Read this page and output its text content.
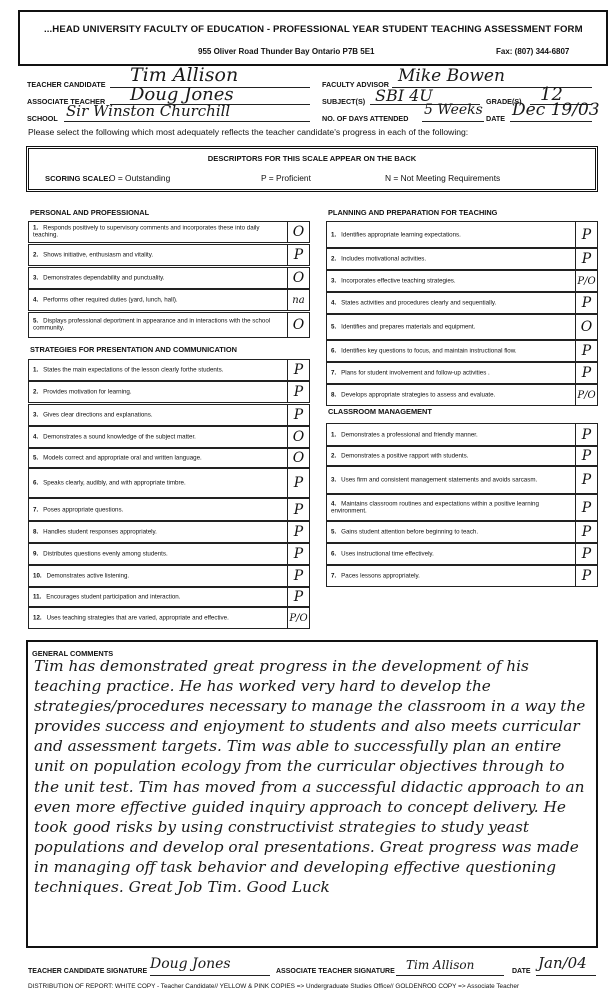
...HEAD UNIVERSITY FACULTY OF EDUCATION - PROFESSIONAL YEAR STUDENT TEACHING ASSESSMENT FORM
955 Oliver Road Thunder Bay Ontario P7B 5E1	Fax: (807) 344-6807
TEACHER CANDIDATE Tim Allison	FACULTY ADVISOR Mike Bowen
ASSOCIATE TEACHER Doug Jones	SUBJECT(S) SBI 4U	GRADE(S) 12
SCHOOL Sir Winston Churchill	NO. OF DAYS ATTENDED
5 Weeks
DATE Dec 19/03
Please select the following which most adequately reflects the teacher candidate's progress in each of the following:
DESCRIPTORS FOR THIS SCALE APPEAR ON THE BACK
SCORING SCALE:
O = Outstanding	P = Proficient	N = Not Meeting Requirements
PERSONAL AND PROFESSIONAL
STRATEGIES FOR PRESENTATION AND COMMUNICATION
PLANNING AND PREPARATION FOR TEACHING
CLASSROOM MANAGEMENT
1. Responds positively to supervisory comments and incorporates these into daily teaching.	O
2. Shows initiative, enthusiasm and vitality.	P
3. Demonstrates dependability and punctuality.	O
4. Performs other required duties (yard, lunch, hall).	na
5. Displays professional deportment in appearance and in interactions with the school community.	O
1. States the main expectations of the lesson clearly forthe students.	P
2. Provides motivation for learning.	P
3. Gives clear directions and explanations.	P
4. Demonstrates a sound knowledge of the subject matter.	O
5. Models correct and appropriate oral and written language.	O
6. Speaks clearly, audibly, and with appropriate timbre.	P
7. Poses appropriate questions.	P
8. Handles student responses appropriately.	P
9. Distributes questions evenly among students.	P
10. Demonstrates active listening.	P
11. Encourages student participation and interaction.	P
12. Uses teaching strategies that are varied, appropriate and effective.	P/O
1. Identifies appropriate learning expectations.	P
2. Includes motivational activities.	P
3. Incorporates effective teaching strategies.	P/O
4. States activities and procedures clearly and sequentially.	P
5. Identifies and prepares materials and equipment.	O
6. Identifies key questions to focus, and maintain instructional flow.	P
7. Plans for student involvement and follow-up activities .	P
8. Develops appropriate strategies to assess and evaluate.	P/O
1. Demonstrates a professional and friendly manner.	P
2. Demonstrates a positive rapport with students.	P
3. Uses firm and consistent management statements and avoids sarcasm.	P
4. Maintains classroom routines and expectations within a positive learning environment.	P
5. Gains student attention before beginning to teach.	P
6. Uses instructional time effectively.	P
7. Paces lessons appropriately.	P
GENERAL COMMENTS
Tim has demonstrated great progress in the development of his teaching practice. He has worked very hard to develop the strategies/procedures necessary to manage the classroom in a way the provides success and enjoyment to students and also meets curricular and assessment targets. Tim was able to successfully plan an entire unit on population ecology from the curricular objectives through to the unit test. Tim has moved from a successful didactic approach to an even more effective guided inquiry approach to concept delivery. He took good risks by using constructivist strategies to study yeast populations and develop oral presentations. Great progress was made in managing off task behavior and developing effective questioning techniques. Great Job Tim. Good Luck
TEACHER CANDIDATE SIGNATURE Doug Jones	ASSOCIATE TEACHER SIGNATURE Tim Allison	DATE Jan/04
DISTRIBUTION OF REPORT: WHITE COPY - Teacher Candidate// YELLOW & PINK COPIES => Undergraduate Studies Office// GOLDENROD COPY => Associate Teacher
